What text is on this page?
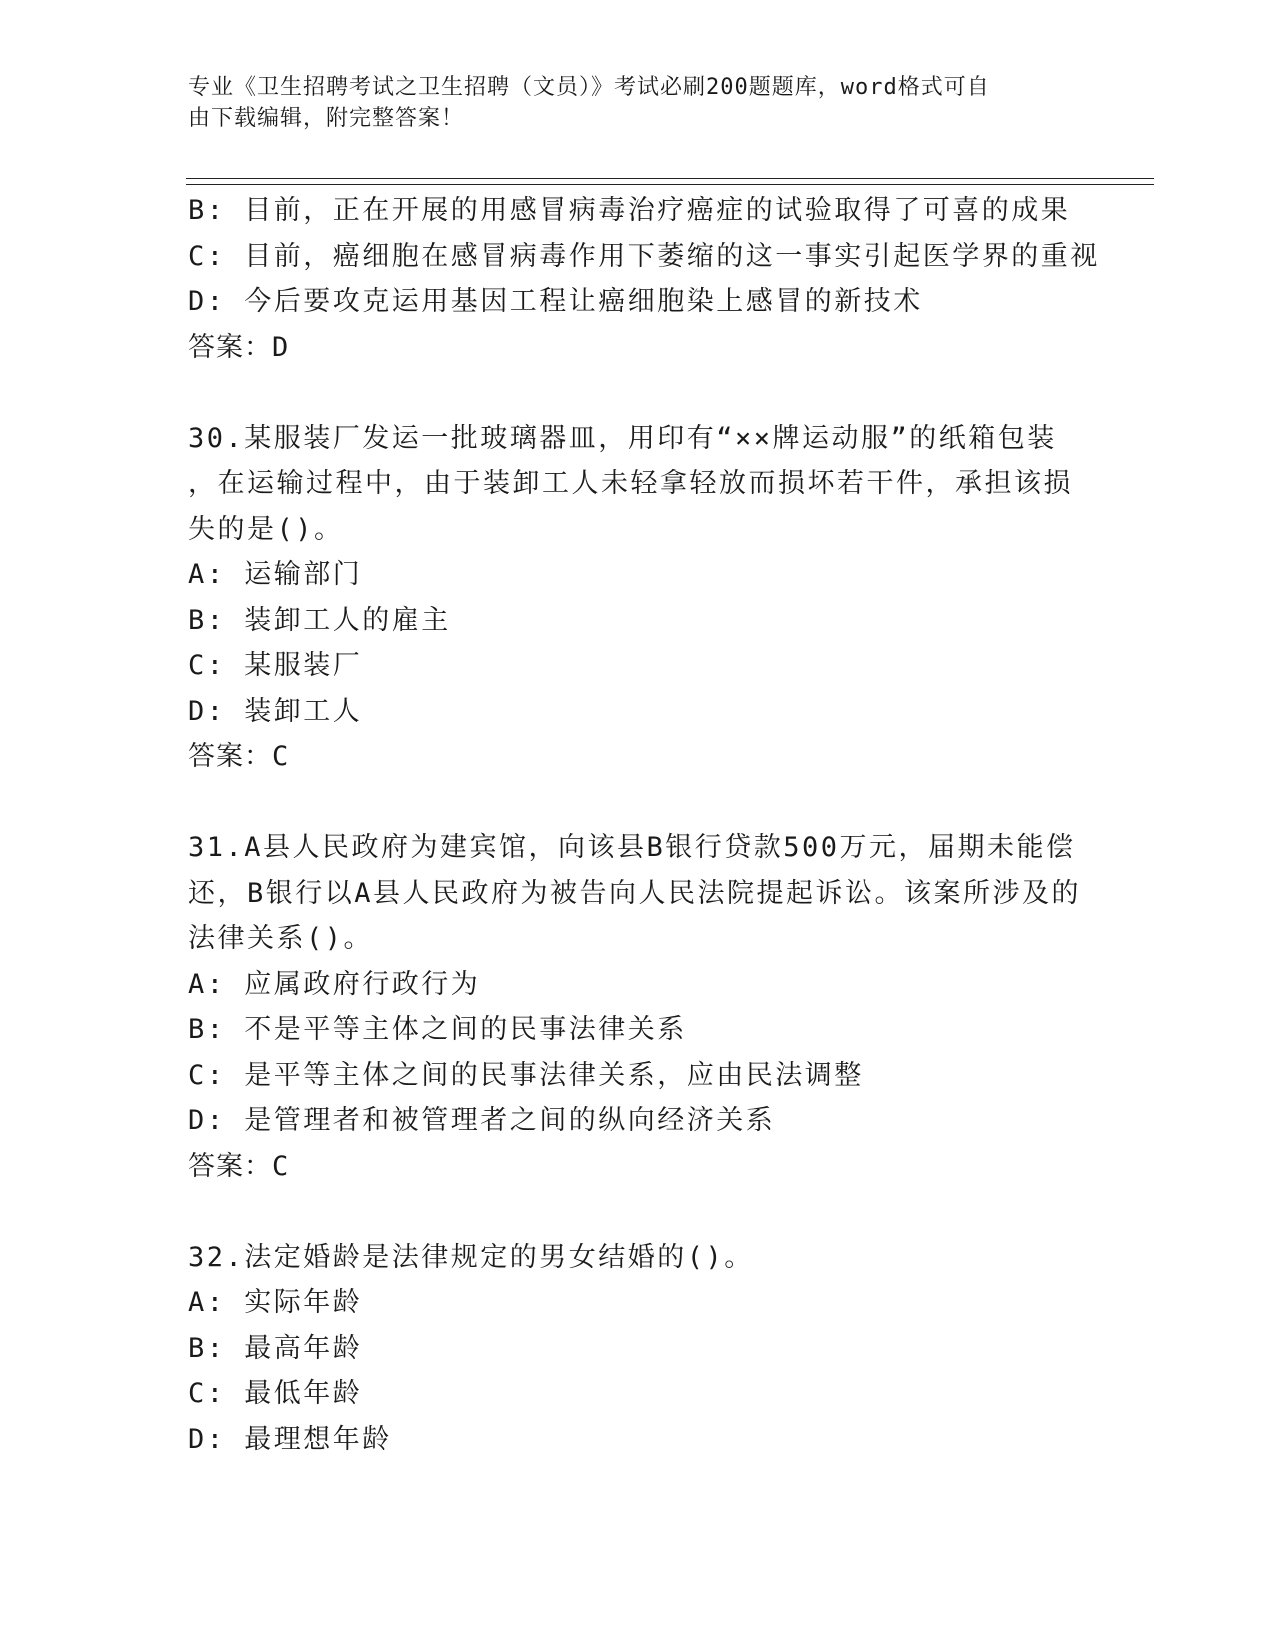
专业《卫生招聘考试之卫生招聘（文员）》考试必刷200题题库，word格式可自
由下载编辑，附完整答案！
B: 目前，正在开展的用感冒病毒治疗癌症的试验取得了可喜的成果
C: 目前，癌细胞在感冒病毒作用下萎缩的这一事实引起医学界的重视
D: 今后要攻克运用基因工程让癌细胞染上感冒的新技术
答案：D
30.某服装厂发运一批玻璃器皿，用印有“××牌运动服”的纸箱包装
，在运输过程中，由于装卸工人未轻拿轻放而损坏若干件，承担该损
失的是()。
A: 运输部门
B: 装卸工人的雇主
C: 某服装厂
D: 装卸工人
答案：C
31.A县人民政府为建宾馆，向该县B银行贷款500万元，届期未能偿
还，B银行以A县人民政府为被告向人民法院提起诉讼。该案所涉及的
法律关系()。
A: 应属政府行政行为
B: 不是平等主体之间的民事法律关系
C: 是平等主体之间的民事法律关系，应由民法调整
D: 是管理者和被管理者之间的纵向经济关系
答案：C
32.法定婚龄是法律规定的男女结婚的()。
A: 实际年龄
B: 最高年龄
C: 最低年龄
D: 最理想年龄
